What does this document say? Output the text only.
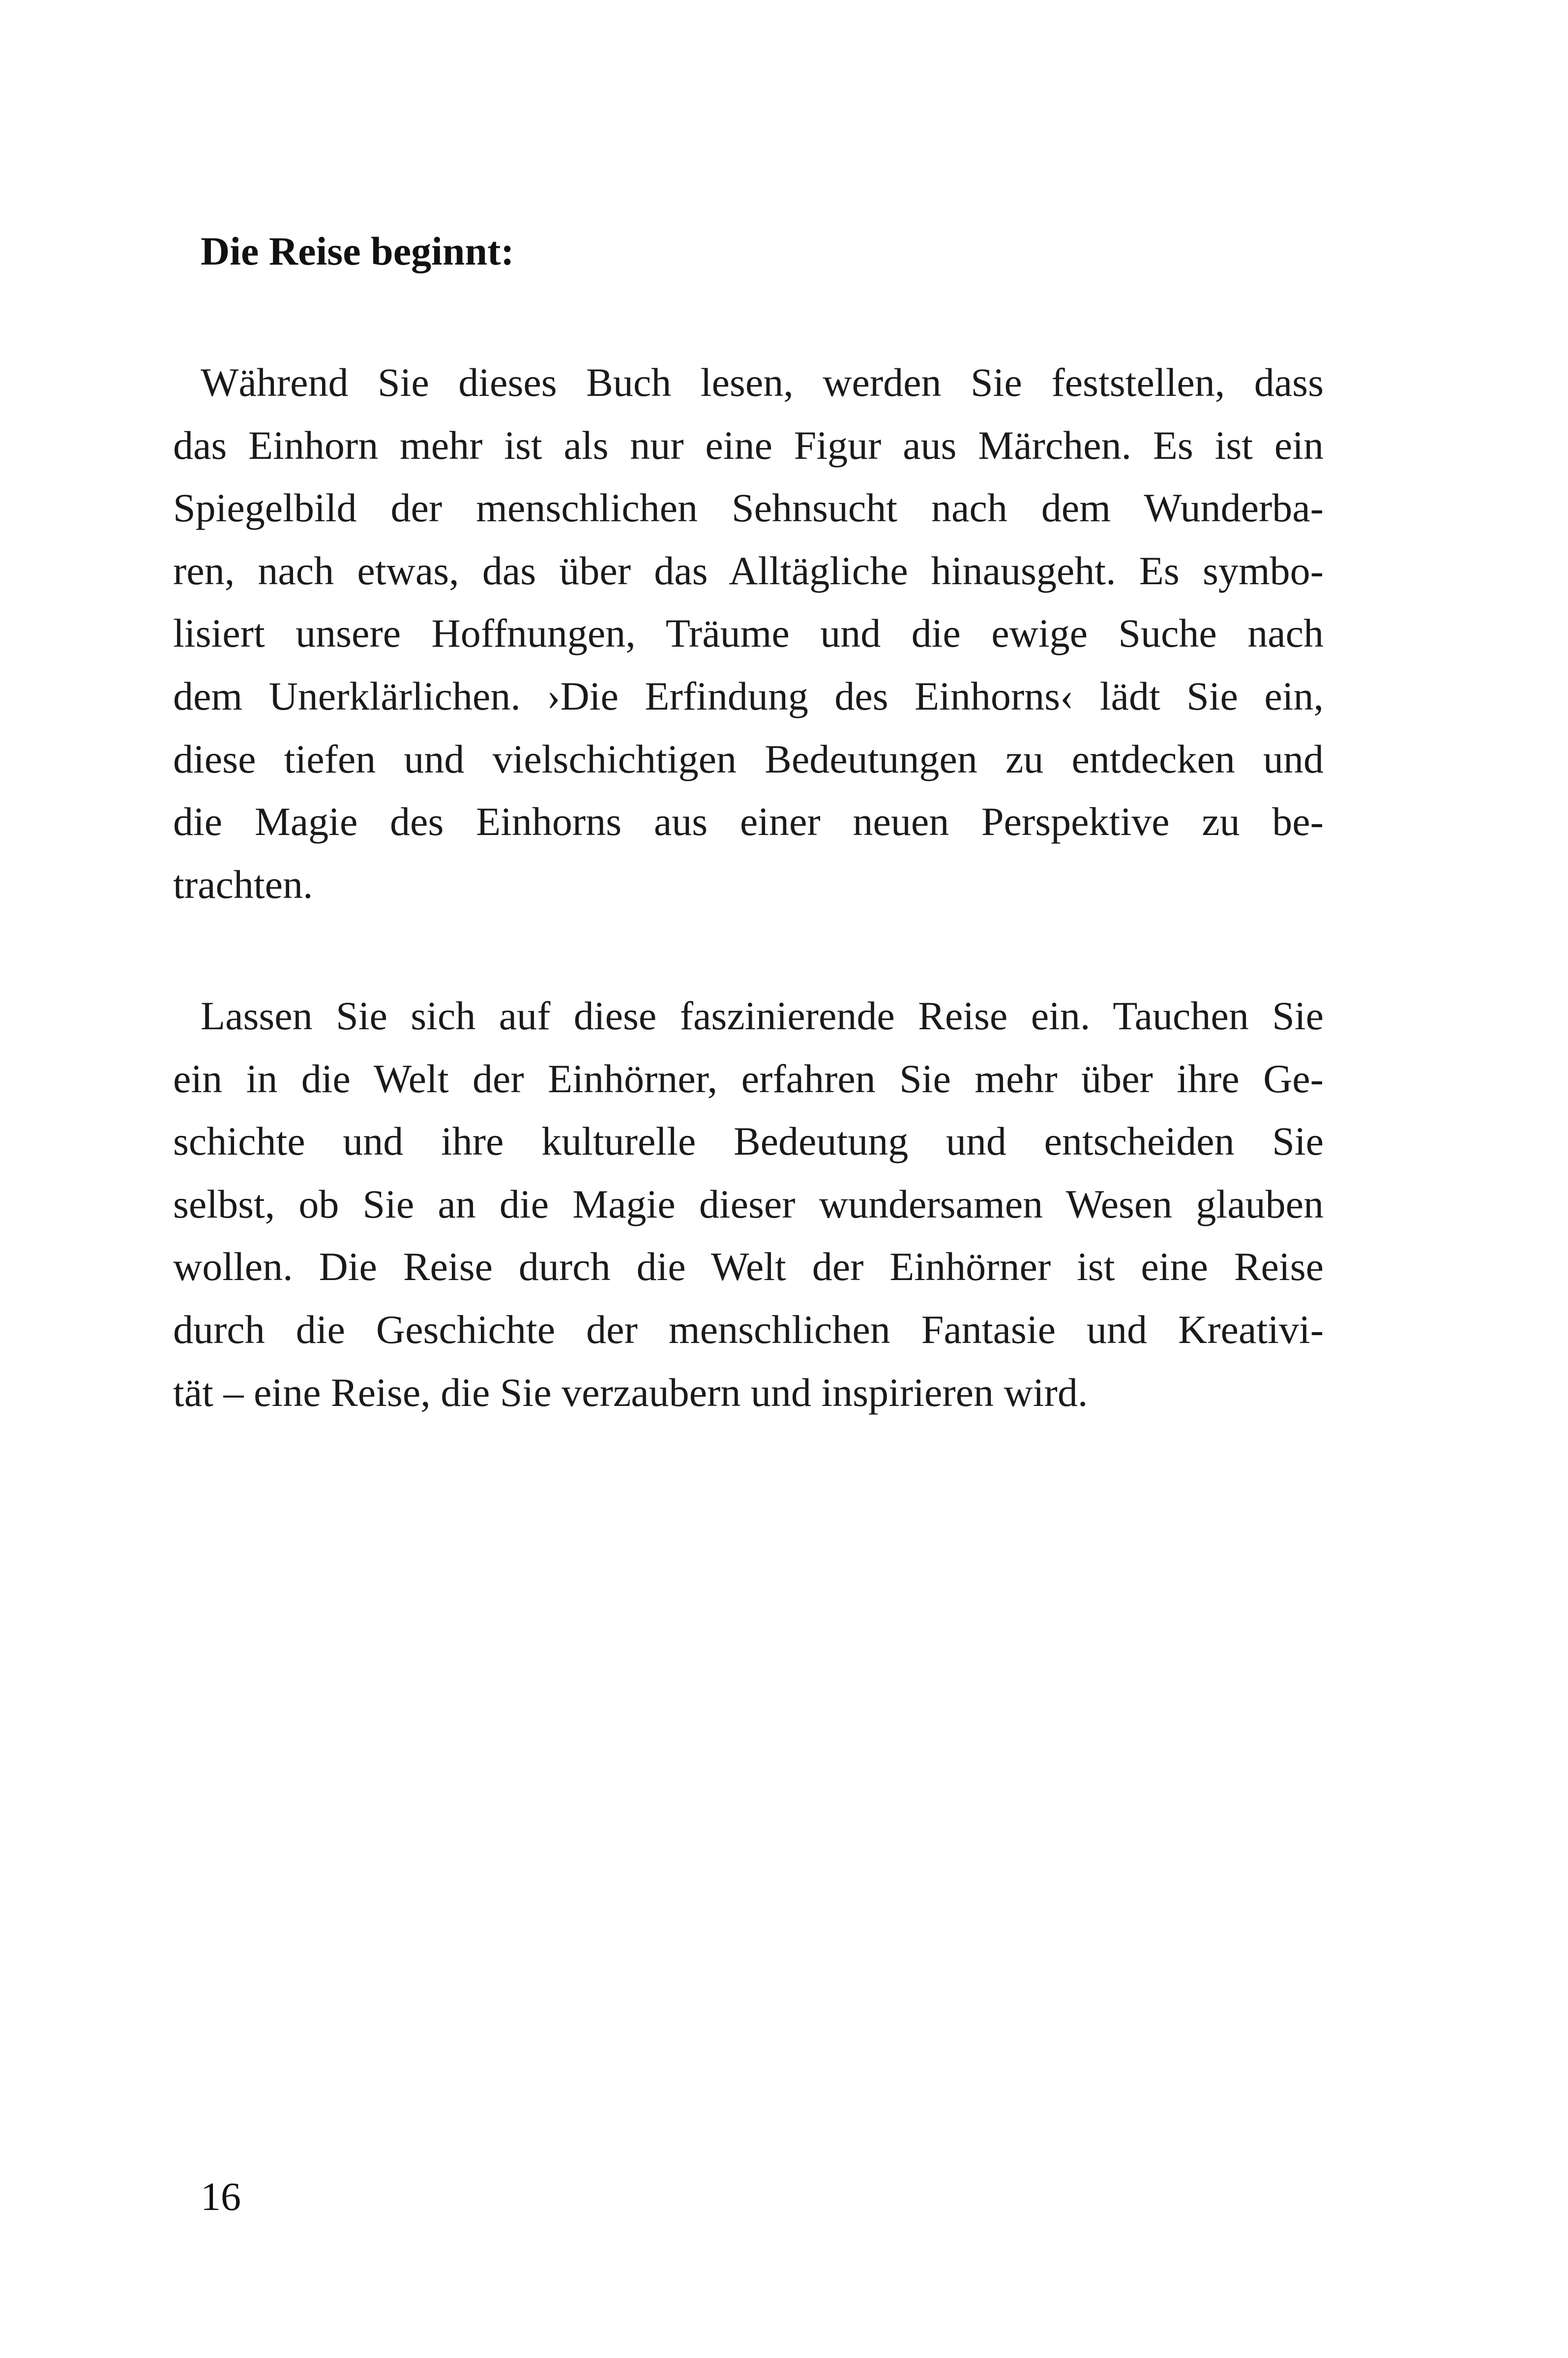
Die Reise beginnt:
Während Sie dieses Buch lesen, werden Sie feststellen, dass
das Einhorn mehr ist als nur eine Figur aus Märchen. Es ist ein
Spiegelbild der menschlichen Sehnsucht nach dem Wunderba-
ren, nach etwas, das über das Alltägliche hinausgeht. Es symbo-
lisiert unsere Hoffnungen, Träume und die ewige Suche nach
dem Unerklärlichen. ›Die Erfindung des Einhorns‹ lädt Sie ein,
diese tiefen und vielschichtigen Bedeutungen zu entdecken und
die Magie des Einhorns aus einer neuen Perspektive zu be-
trachten.
Lassen Sie sich auf diese faszinierende Reise ein. Tauchen Sie
ein in die Welt der Einhörner, erfahren Sie mehr über ihre Ge-
schichte und ihre kulturelle Bedeutung und entscheiden Sie
selbst, ob Sie an die Magie dieser wundersamen Wesen glauben
wollen. Die Reise durch die Welt der Einhörner ist eine Reise
durch die Geschichte der menschlichen Fantasie und Kreativi-
tät – eine Reise, die Sie verzaubern und inspirieren wird.
16
